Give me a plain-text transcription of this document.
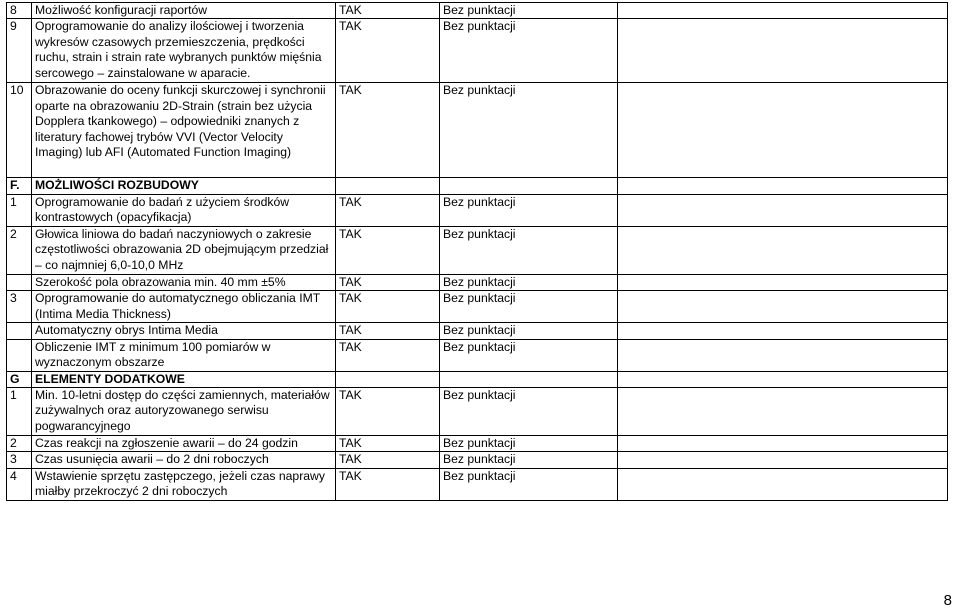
8	Możliwość konfiguracji raportów	TAK	Bez punktacji	
9	Oprogramowanie do analizy ilościowej i tworzenia wykresów czasowych przemieszczenia, prędkości ruchu, strain i strain rate wybranych punktów mięśnia sercowego – zainstalowane w aparacie.	TAK	Bez punktacji	
10	Obrazowanie do oceny funkcji skurczowej i synchronii oparte na obrazowaniu 2D-Strain (strain bez użycia Dopplera tkankowego) – odpowiedniki znanych z literatury fachowej trybów VVI (Vector Velocity Imaging) lub AFI (Automated Function Imaging)	TAK	Bez punktacji	
F.	MOŻLIWOŚCI ROZBUDOWY			
1	Oprogramowanie do badań z użyciem środków kontrastowych (opacyfikacja)	TAK	Bez punktacji	
2	Głowica liniowa do badań naczyniowych o zakresie częstotliwości obrazowania 2D obejmującym przedział – co najmniej 6,0-10,0 MHz	TAK	Bez punktacji	
	Szerokość pola obrazowania min. 40 mm ±5%	TAK	Bez punktacji	
3	Oprogramowanie do automatycznego obliczania IMT (Intima Media Thickness)	TAK	Bez punktacji	
	Automatyczny obrys Intima Media	TAK	Bez punktacji	
	Obliczenie IMT z minimum 100 pomiarów w wyznaczonym obszarze	TAK	Bez punktacji	
G	ELEMENTY DODATKOWE			
1	Min. 10-letni dostęp do części zamiennych, materiałów zużywalnych oraz autoryzowanego serwisu pogwarancyjnego	TAK	Bez punktacji	
2	Czas reakcji na zgłoszenie awarii – do 24 godzin	TAK	Bez punktacji	
3	Czas usunięcia awarii – do 2 dni roboczych	TAK	Bez punktacji	
4	Wstawienie sprzętu zastępczego, jeżeli czas naprawy miałby przekroczyć 2 dni roboczych	TAK	Bez punktacji	
8
